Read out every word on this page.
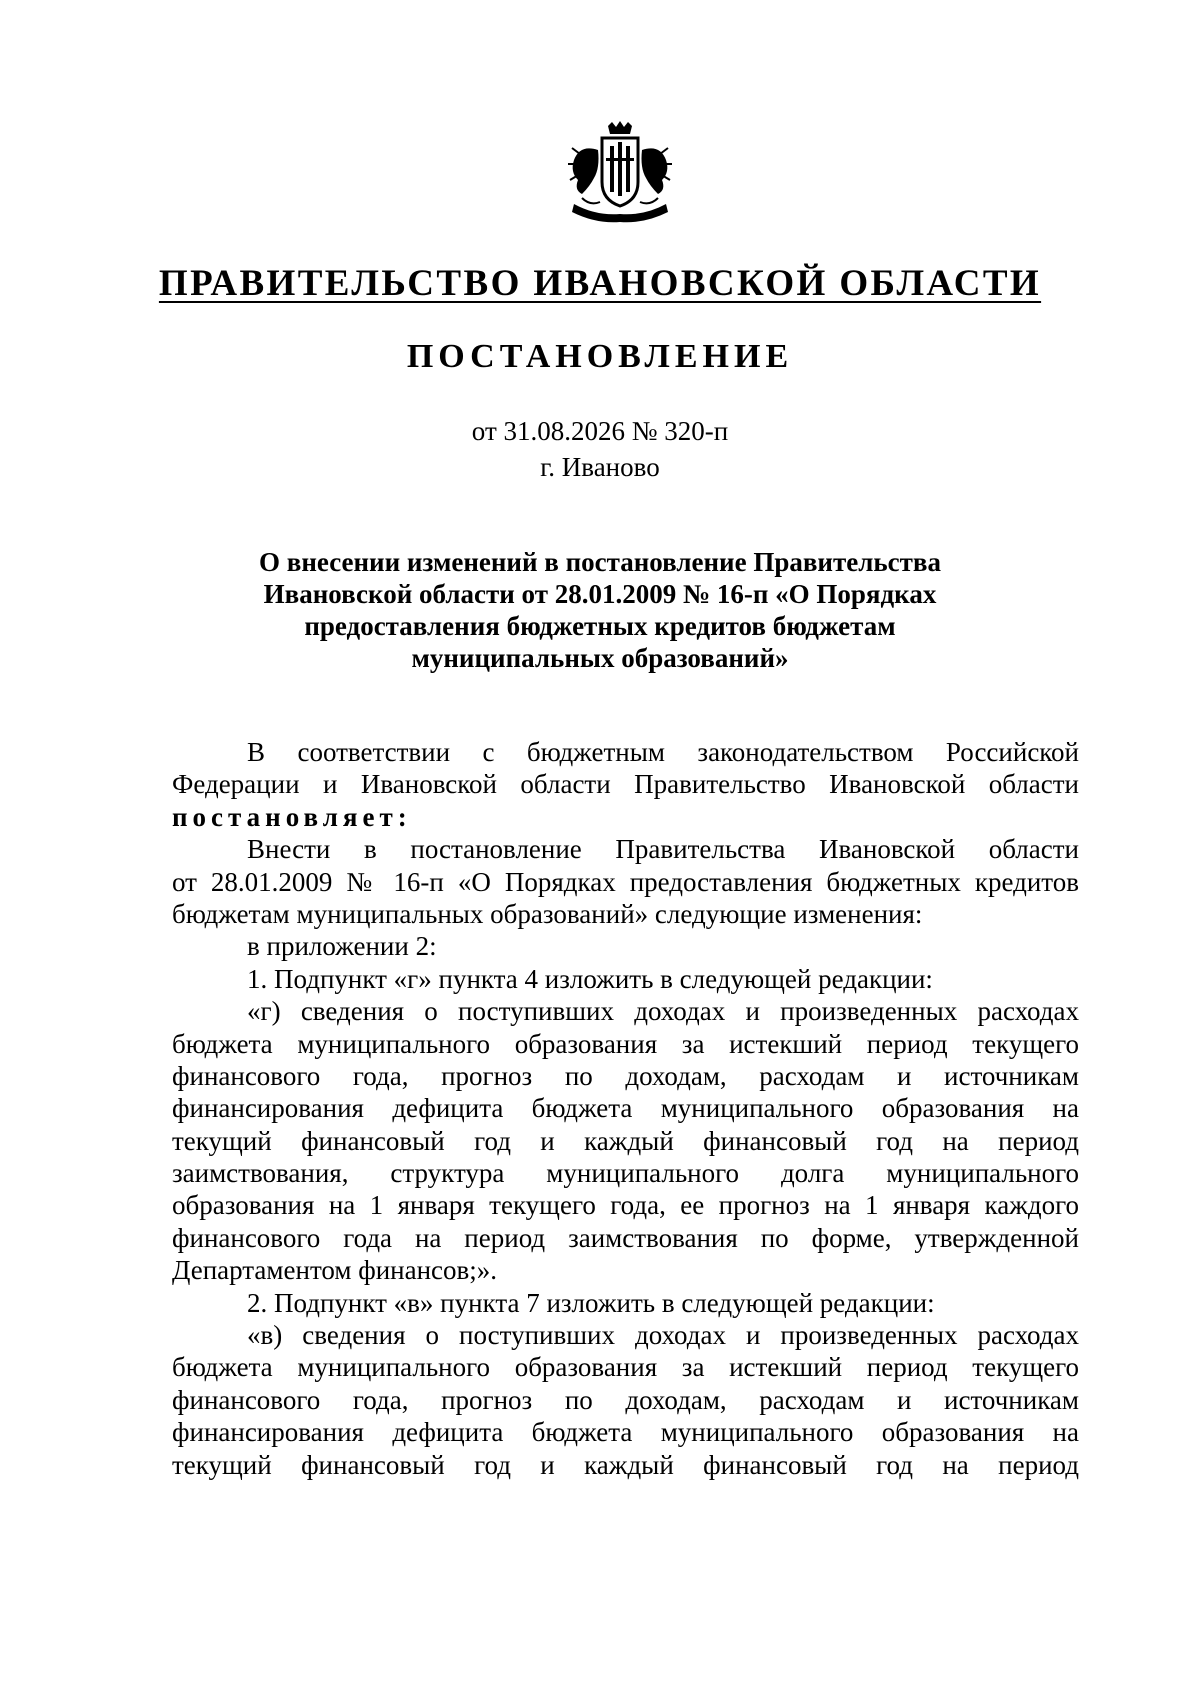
ПРАВИТЕЛЬСТВО ИВАНОВСКОЙ ОБЛАСТИ
ПОСТАНОВЛЕНИЕ
от 31.08.2026 № 320-п
г. Иваново
О внесении изменений в постановление Правительства
Ивановской области от 28.01.2009 № 16-п «О Порядках
предоставления бюджетных кредитов бюджетам
муниципальных образований»
В соответствии с бюджетным законодательством Российской
Федерации и Ивановской области Правительство Ивановской области
постановляет:
Внести в постановление Правительства Ивановской области
от 28.01.2009 № 16-п «О Порядках предоставления бюджетных кредитов
бюджетам муниципальных образований» следующие изменения:
в приложении 2:
1. Подпункт «г» пункта 4 изложить в следующей редакции:
«г) сведения о поступивших доходах и произведенных расходах
бюджета муниципального образования за истекший период текущего
финансового года, прогноз по доходам, расходам и источникам
финансирования дефицита бюджета муниципального образования на
текущий финансовый год и каждый финансовый год на период
заимствования, структура муниципального долга муниципального
образования на 1 января текущего года, ее прогноз на 1 января каждого
финансового года на период заимствования по форме, утвержденной
Департаментом финансов;».
2. Подпункт «в» пункта 7 изложить в следующей редакции:
«в) сведения о поступивших доходах и произведенных расходах
бюджета муниципального образования за истекший период текущего
финансового года, прогноз по доходам, расходам и источникам
финансирования дефицита бюджета муниципального образования на
текущий финансовый год и каждый финансовый год на период
